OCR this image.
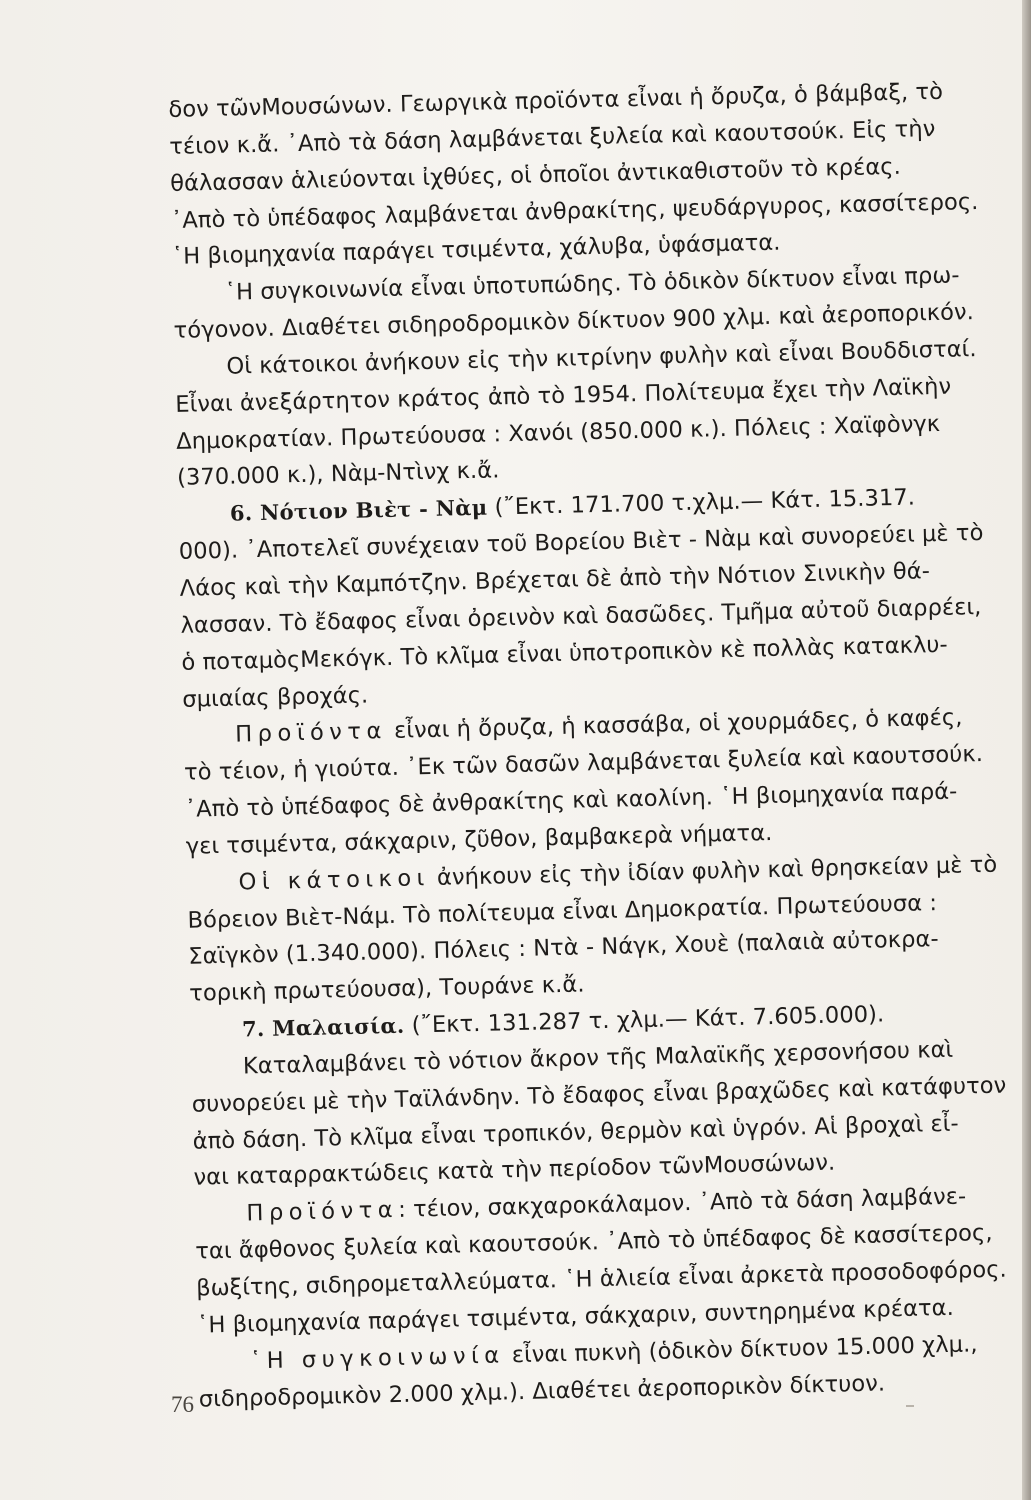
δον τῶνΜουσώνων. Γεωργικὰ προϊόντα εἶναι ἡ ὄρυζα, ὁ βάμβαξ, τὸ
τέιον κ.ἄ. ᾿Απὸ τὰ δάση λαμβάνεται ξυλεία καὶ καουτσούκ. Εἰς τὴν
θάλασσαν ἁλιεύονται ἰχθύες, οἱ ὁποῖοι ἀντικαθιστοῦν τὸ κρέας.
᾿Απὸ τὸ ὑπέδαφος λαμβάνεται ἀνθρακίτης, ψευδάργυρος, κασσίτερος.
῾Η βιομηχανία παράγει τσιμέντα, χάλυβα, ὑφάσματα.
῾Η συγκοινωνία εἶναι ὑποτυπώδης. Τὸ ὁδικὸν δίκτυον εἶναι πρω-
τόγονον. Διαθέτει σιδηροδρομικὸν δίκτυον 900 χλμ. καὶ ἀεροπορικόν.
Οἱ κάτοικοι ἀνήκουν εἰς τὴν κιτρίνην φυλὴν καὶ εἶναι Βουδδισταί.
Εἶναι ἀνεξάρτητον κράτος ἀπὸ τὸ 1954. Πολίτευμα ἔχει τὴν Λαϊκὴν
Δημοκρατίαν. Πρωτεύουσα : Χανόι (850.000 κ.). Πόλεις : Χαϊφὸνγκ
(370.000 κ.), Νὰμ-Ντὶνχ κ.ἄ.
6. Νότιον Βιὲτ - Νὰμ (῎Εκτ. 171.700 τ.χλμ.— Κάτ. 15.317.
000). ᾿Αποτελεῖ συνέχειαν τοῦ Βορείου Βιὲτ - Νὰμ καὶ συνορεύει μὲ τὸ
Λάος καὶ τὴν Καμπότζην. Βρέχεται δὲ ἀπὸ τὴν Νότιον Σινικὴν θά-
λασσαν. Τὸ ἔδαφος εἶναι ὀρεινὸν καὶ δασῶδες. Τμῆμα αὐτοῦ διαρρέει,
ὁ ποταμὸςΜεκόγκ. Τὸ κλῖμα εἶναι ὑποτροπικὸν κὲ πολλὰς κατακλυ-
σμιαίας βροχάς.
Προϊόντα εἶναι ἡ ὄρυζα, ἡ κασσάβα, οἱ χουρμάδες, ὁ καφές,
τὸ τέιον, ἡ γιούτα. ᾿Εκ τῶν δασῶν λαμβάνεται ξυλεία καὶ καουτσούκ.
᾿Απὸ τὸ ὑπέδαφος δὲ ἀνθρακίτης καὶ καολίνη. ῾Η βιομηχανία παρά-
γει τσιμέντα, σάκχαριν, ζῦθον, βαμβακερὰ νήματα.
Οἱ κάτοικοι ἀνήκουν εἰς τὴν ἰδίαν φυλὴν καὶ θρησκείαν μὲ τὸ
Βόρειον Βιὲτ-Νάμ. Τὸ πολίτευμα εἶναι Δημοκρατία. Πρωτεύουσα :
Σαϊγκὸν (1.340.000). Πόλεις : Ντὰ - Νάγκ, Χουὲ (παλαιὰ αὐτοκρα-
τορικὴ πρωτεύουσα), Τουράνε κ.ἄ.
7. Μαλαισία. (῎Εκτ. 131.287 τ. χλμ.— Κάτ. 7.605.000).
Καταλαμβάνει τὸ νότιον ἄκρον τῆς Μαλαϊκῆς χερσονήσου καὶ
συνορεύει μὲ τὴν Ταϊλάνδην. Τὸ ἔδαφος εἶναι βραχῶδες καὶ κατάφυτον
ἀπὸ δάση. Τὸ κλῖμα εἶναι τροπικόν, θερμὸν καὶ ὑγρόν. Αἱ βροχαὶ εἶ-
ναι καταρρακτώδεις κατὰ τὴν περίοδον τῶνΜουσώνων.
Προϊόντα: τέιον, σακχαροκάλαμον. ᾿Απὸ τὰ δάση λαμβάνε-
ται ἄφθονος ξυλεία καὶ καουτσούκ. ᾿Απὸ τὸ ὑπέδαφος δὲ κασσίτερος,
βωξίτης, σιδηρομεταλλεύματα. ῾Η ἁλιεία εἶναι ἀρκετὰ προσοδοφόρος.
῾Η βιομηχανία παράγει τσιμέντα, σάκχαριν, συντηρημένα κρέατα.
῾Η συγκοινωνία εἶναι πυκνὴ (ὁδικὸν δίκτυον 15.000 χλμ.,
σιδηροδρομικὸν 2.000 χλμ.). Διαθέτει ἀεροπορικὸν δίκτυον.
76
